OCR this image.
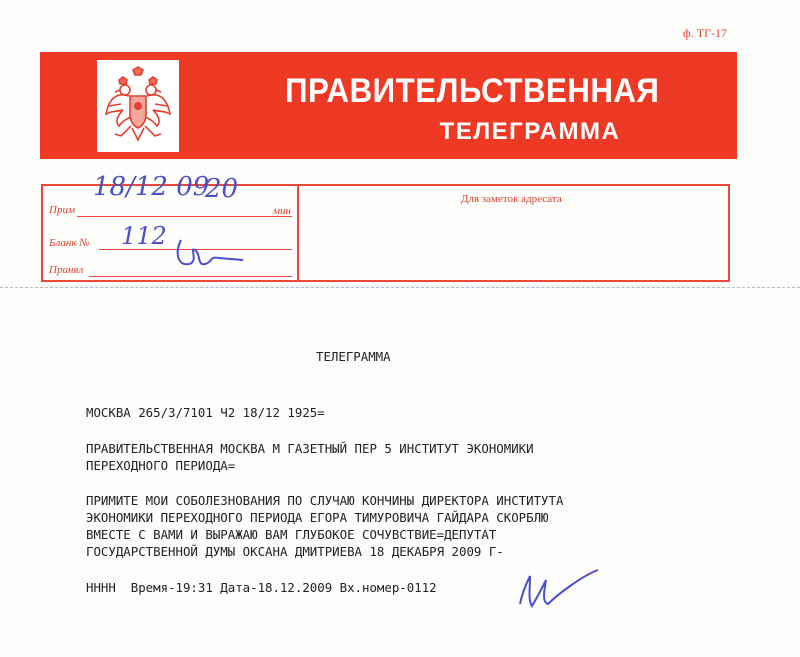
ф. ТГ-17
ПРАВИТЕЛЬСТВЕННАЯ
ТЕЛЕГРАММА
Прим	мин
Бланк №
Принял
Для заметок адресата
18/12 09
20
112
ТЕЛЕГРАММА
МОСКВА 265/3/7101 Ч2 18/12 1925=
ПРАВИТЕЛЬСТВЕННАЯ МОСКВА М ГАЗЕТНЫЙ ПЕР 5 ИНСТИТУТ ЭКОНОМИКИ
ПЕРЕХОДНОГО ПЕРИОДА=
ПРИМИТЕ МОИ СОБОЛЕЗНОВАНИЯ ПО СЛУЧАЮ КОНЧИНЫ ДИРЕКТОРА ИНСТИТУТА
ЭКОНОМИКИ ПЕРЕХОДНОГО ПЕРИОДА ЕГОРА ТИМУРОВИЧА ГАЙДАРА СКОРБЛЮ
ВМЕСТЕ С ВАМИ И ВЫРАЖАЮ ВАМ ГЛУБОКОЕ СОЧУВСТВИЕ=ДЕПУТАТ
ГОСУДАРСТВЕННОЙ ДУМЫ ОКСАНА ДМИТРИЕВА 18 ДЕКАБРЯ 2009 Г-
НННН  Время-19:31 Дата-18.12.2009 Вх.номер-0112
